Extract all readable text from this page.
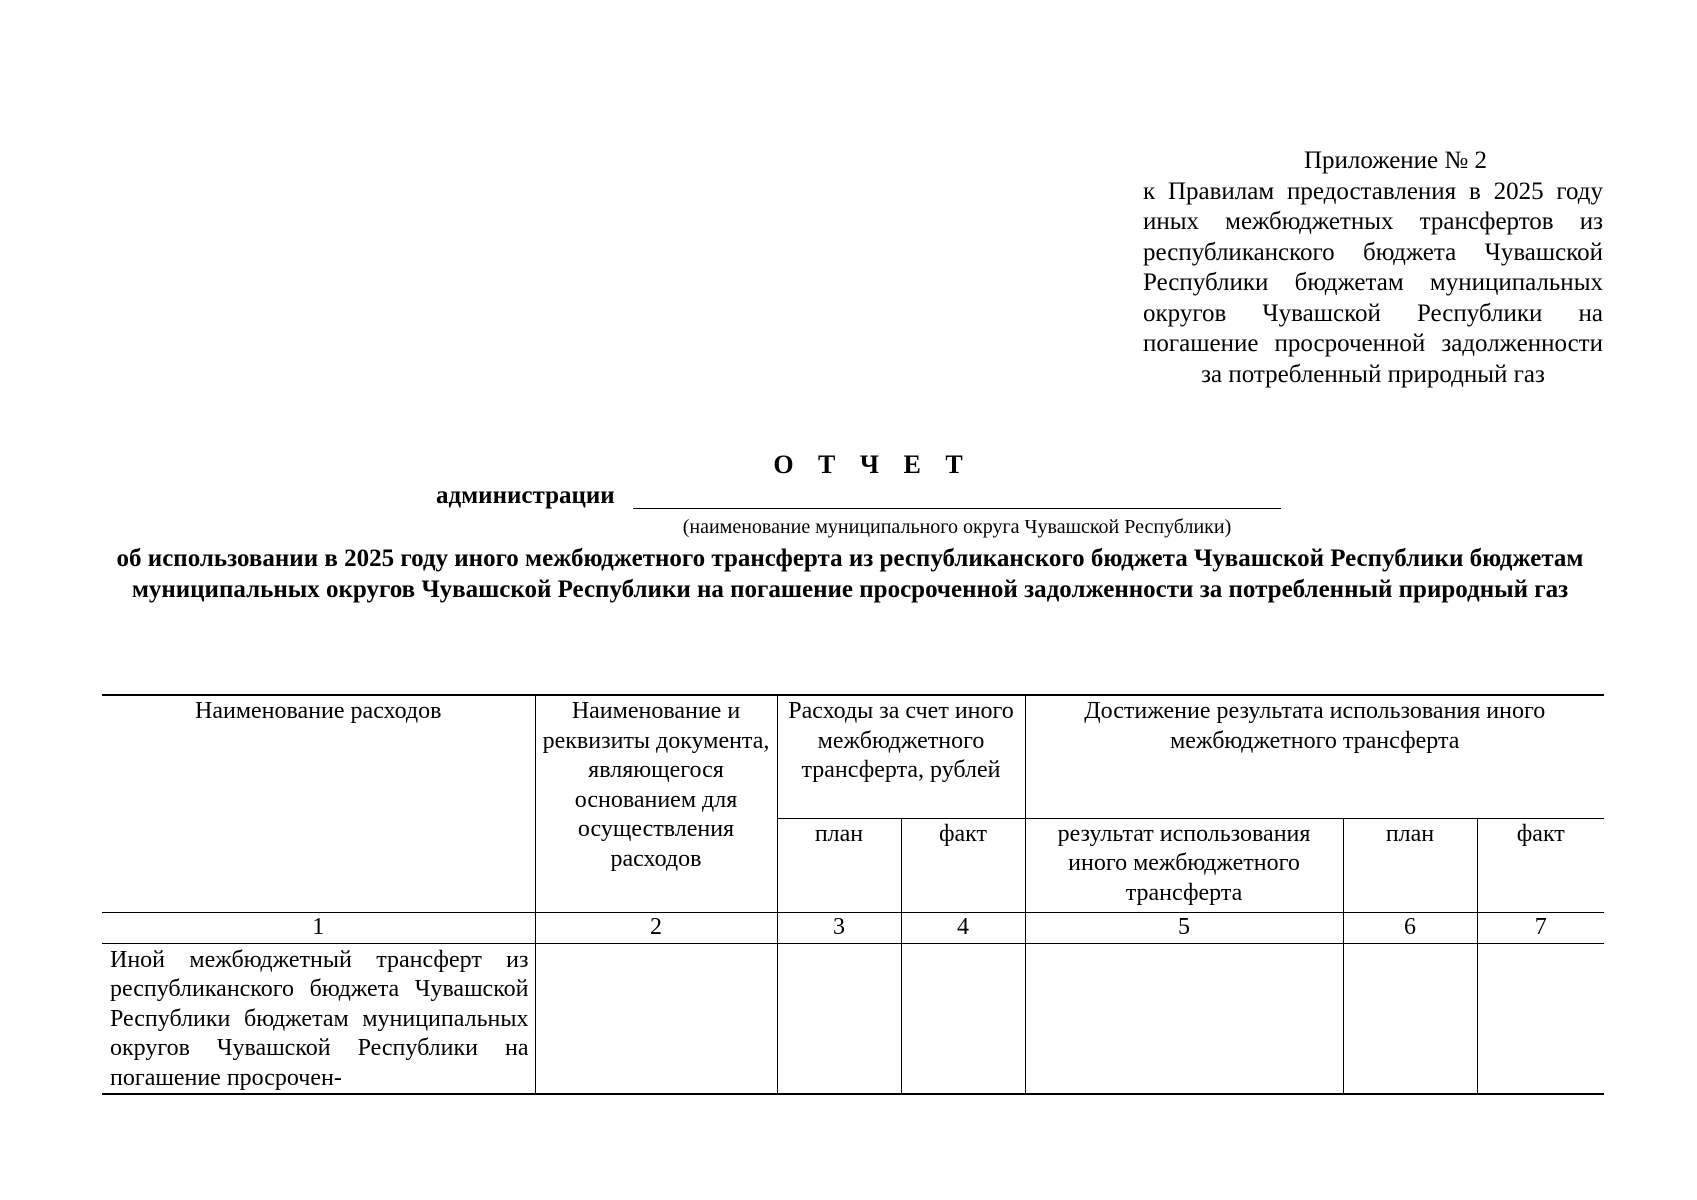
Приложение № 2
к Правилам предоставления в 2025 году иных межбюджетных трансфертов из республиканского бюджета Чувашской Республики бюджетам муниципальных округов Чувашской Республики на погашение просроченной задолженности за потребленный природный газ
О Т Ч Е Т
администрации
(наименование муниципального округа Чувашской Республики)
об использовании в 2025 году иного межбюджетного трансферта из республиканского бюджета Чувашской Республики бюджетам муниципальных округов Чувашской Республики на погашение просроченной задолженности за потребленный природный газ
Наименование расходов	Наименование и реквизиты документа, являющегося основанием для осуществления расходов	Расходы за счет иного межбюджетного трансферта, рублей		Достижение результата использования иного межбюджетного трансферта		
		план	факт	результат использования иного межбюджетного трансферта	план	факт
1	2	3	4	5	6	7
Иной межбюджетный трансферт из республиканского бюджета Чувашской Республики бюджетам муниципальных округов Чувашской Республики на погашение просрочен-						
